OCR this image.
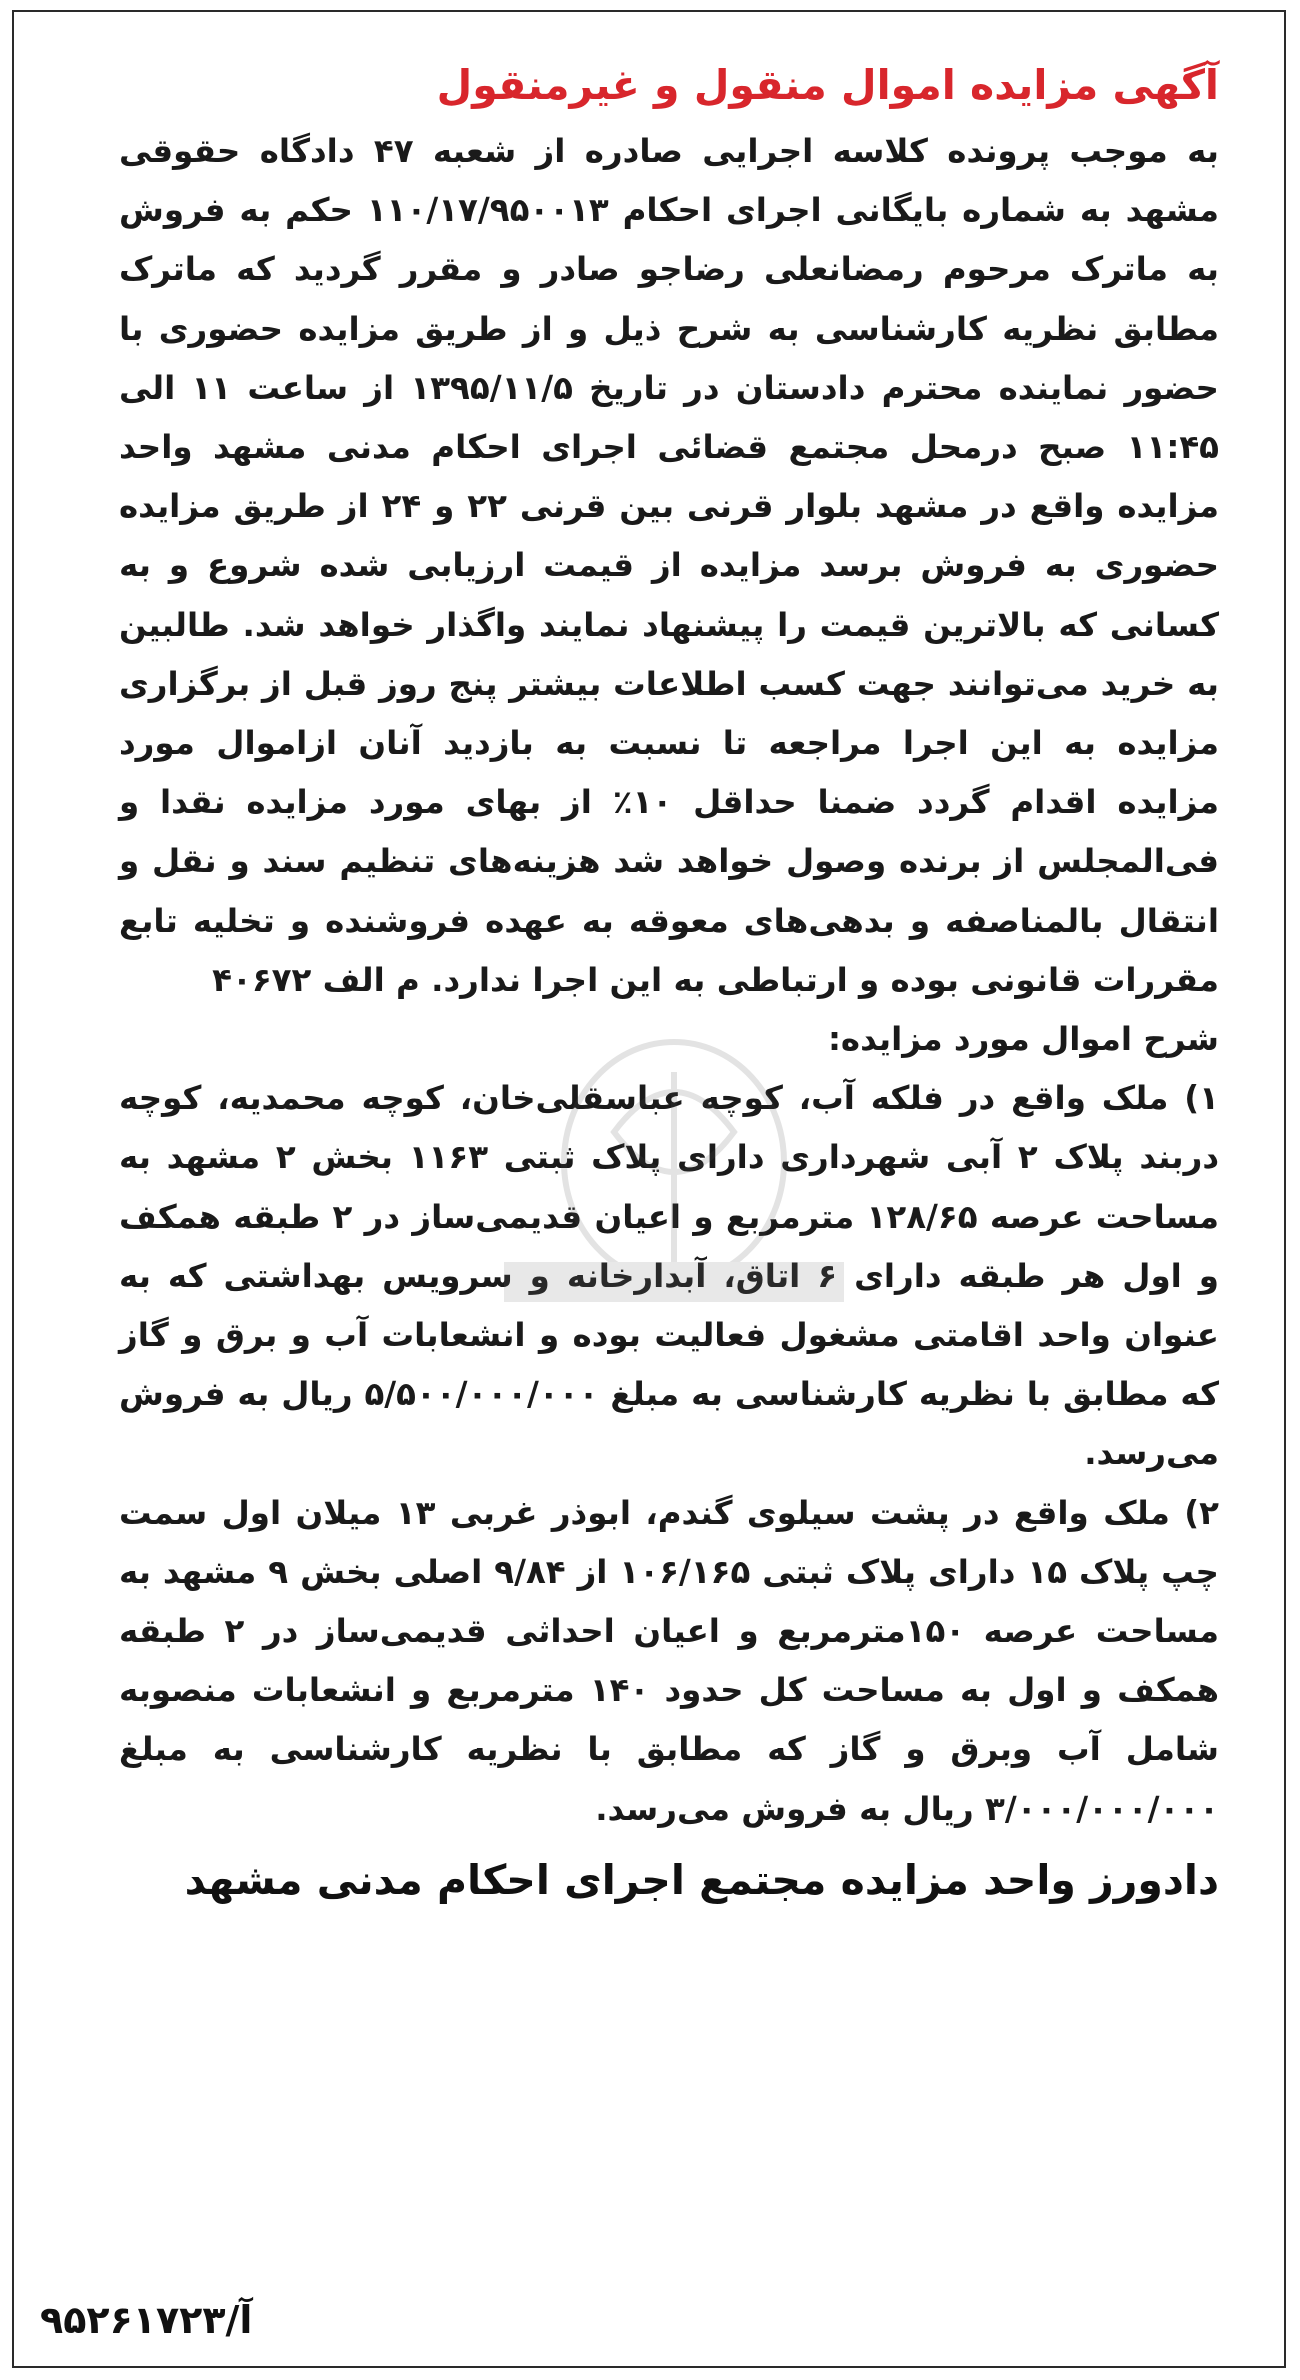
آگهی مزایده اموال منقول و غیرمنقول

به موجب پرونده کلاسه اجرایی صادره از شعبه ۴۷ دادگاه حقوقی مشهد به شماره بایگانی اجرای احکام ۱۱۰/۱۷/۹۵۰۰۱۳ حکم به فروش به ماترک مرحوم رمضانعلی رضاجو صادر و مقرر گردید که ماترک مطابق نظریه کارشناسی به شرح ذیل و از طریق مزایده حضوری با حضور نماینده محترم دادستان در تاریخ ۱۳۹۵/۱۱/۵ از ساعت ۱۱ الی ۱۱:۴۵ صبح درمحل مجتمع قضائی اجرای احکام مدنی مشهد واحد مزایده واقع در مشهد بلوار قرنی بین قرنی ۲۲ و ۲۴ از طریق مزایده حضوری به فروش برسد مزایده از قیمت ارزیابی شده شروع و به کسانی که بالاترین قیمت را پیشنهاد نمایند واگذار خواهد شد. طالبین به خرید می‌توانند جهت کسب اطلاعات بیشتر پنج روز قبل از برگزاری مزایده به این اجرا مراجعه تا نسبت به بازدید آنان ازاموال مورد مزایده اقدام گردد ضمنا حداقل ۱۰٪ از بهای مورد مزایده نقدا و فی‌المجلس از برنده وصول خواهد شد هزینه‌های تنظیم سند و نقل و انتقال بالمناصفه و بدهی‌های معوقه به عهده فروشنده و تخلیه تابع مقررات قانونی بوده و ارتباطی به این اجرا ندارد. م الف ۴۰۶۷۲

شرح اموال مورد مزایده:

۱) ملک واقع در فلکه آب، کوچه عباسقلی‌خان، کوچه محمدیه، کوچه دربند پلاک ۲ آبی شهرداری دارای پلاک ثبتی ۱۱۶۳ بخش ۲ مشهد به مساحت عرصه ۱۲۸/۶۵ مترمربع و اعیان قدیمی‌ساز در ۲ طبقه همکف و اول هر طبقه دارای ۶ اتاق، آبدارخانه و سرویس بهداشتی که به عنوان واحد اقامتی مشغول فعالیت بوده و انشعابات آب و برق و گاز که مطابق با نظریه کارشناسی به مبلغ ۵/۵۰۰/۰۰۰/۰۰۰ ریال به فروش می‌رسد.

۲) ملک واقع در پشت سیلوی گندم، ابوذر غربی ۱۳ میلان اول سمت چپ پلاک ۱۵ دارای پلاک ثبتی ۱۰۶/۱۶۵ از ۹/۸۴ اصلی بخش ۹ مشهد به مساحت عرصه ۱۵۰مترمربع و اعیان احداثی قدیمی‌ساز در ۲ طبقه همکف و اول به مساحت کل حدود ۱۴۰ مترمربع و انشعابات منصوبه شامل آب وبرق و گاز که مطابق با نظریه کارشناسی به مبلغ ۳/۰۰۰/۰۰۰/۰۰۰ ریال به فروش می‌رسد.

دادورز واحد مزایده مجتمع اجرای احکام مدنی مشهد
آ/۹۵۲۶۱۷۲۳
